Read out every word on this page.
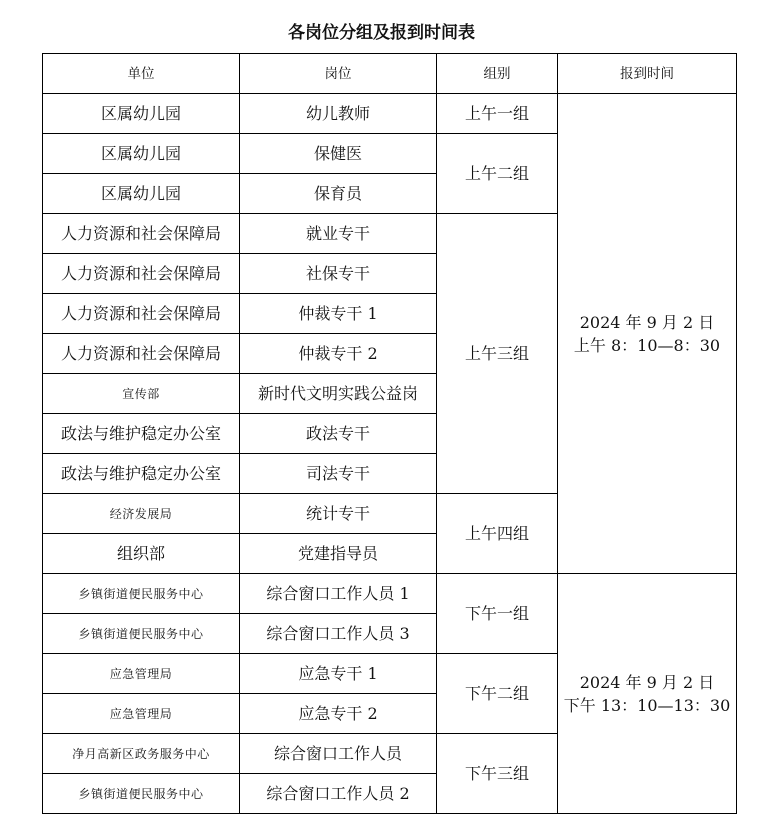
各岗位分组及报到时间表
单位	岗位	组别	报到时间
区属幼儿园	幼儿教师	上午一组	2024 年 9 月 2 日
上午 8：10—8：30

区属幼儿园	保健医	上午二组	
区属幼儿园	保育员		
人力资源和社会保障局	就业专干	上午三组	
人力资源和社会保障局	社保专干		
人力资源和社会保障局	仲裁专干 1		
人力资源和社会保障局	仲裁专干 2		
宣传部	新时代文明实践公益岗		
政法与维护稳定办公室	政法专干		
政法与维护稳定办公室	司法专干		
经济发展局	统计专干	上午四组	
组织部	党建指导员		
乡镇街道便民服务中心	综合窗口工作人员 1	下午一组	2024 年 9 月 2 日
下午 13：10—13：30

乡镇街道便民服务中心	综合窗口工作人员 3		
应急管理局	应急专干 1	下午二组	
应急管理局	应急专干 2		
净月高新区政务服务中心	综合窗口工作人员	下午三组	
乡镇街道便民服务中心	综合窗口工作人员 2		
